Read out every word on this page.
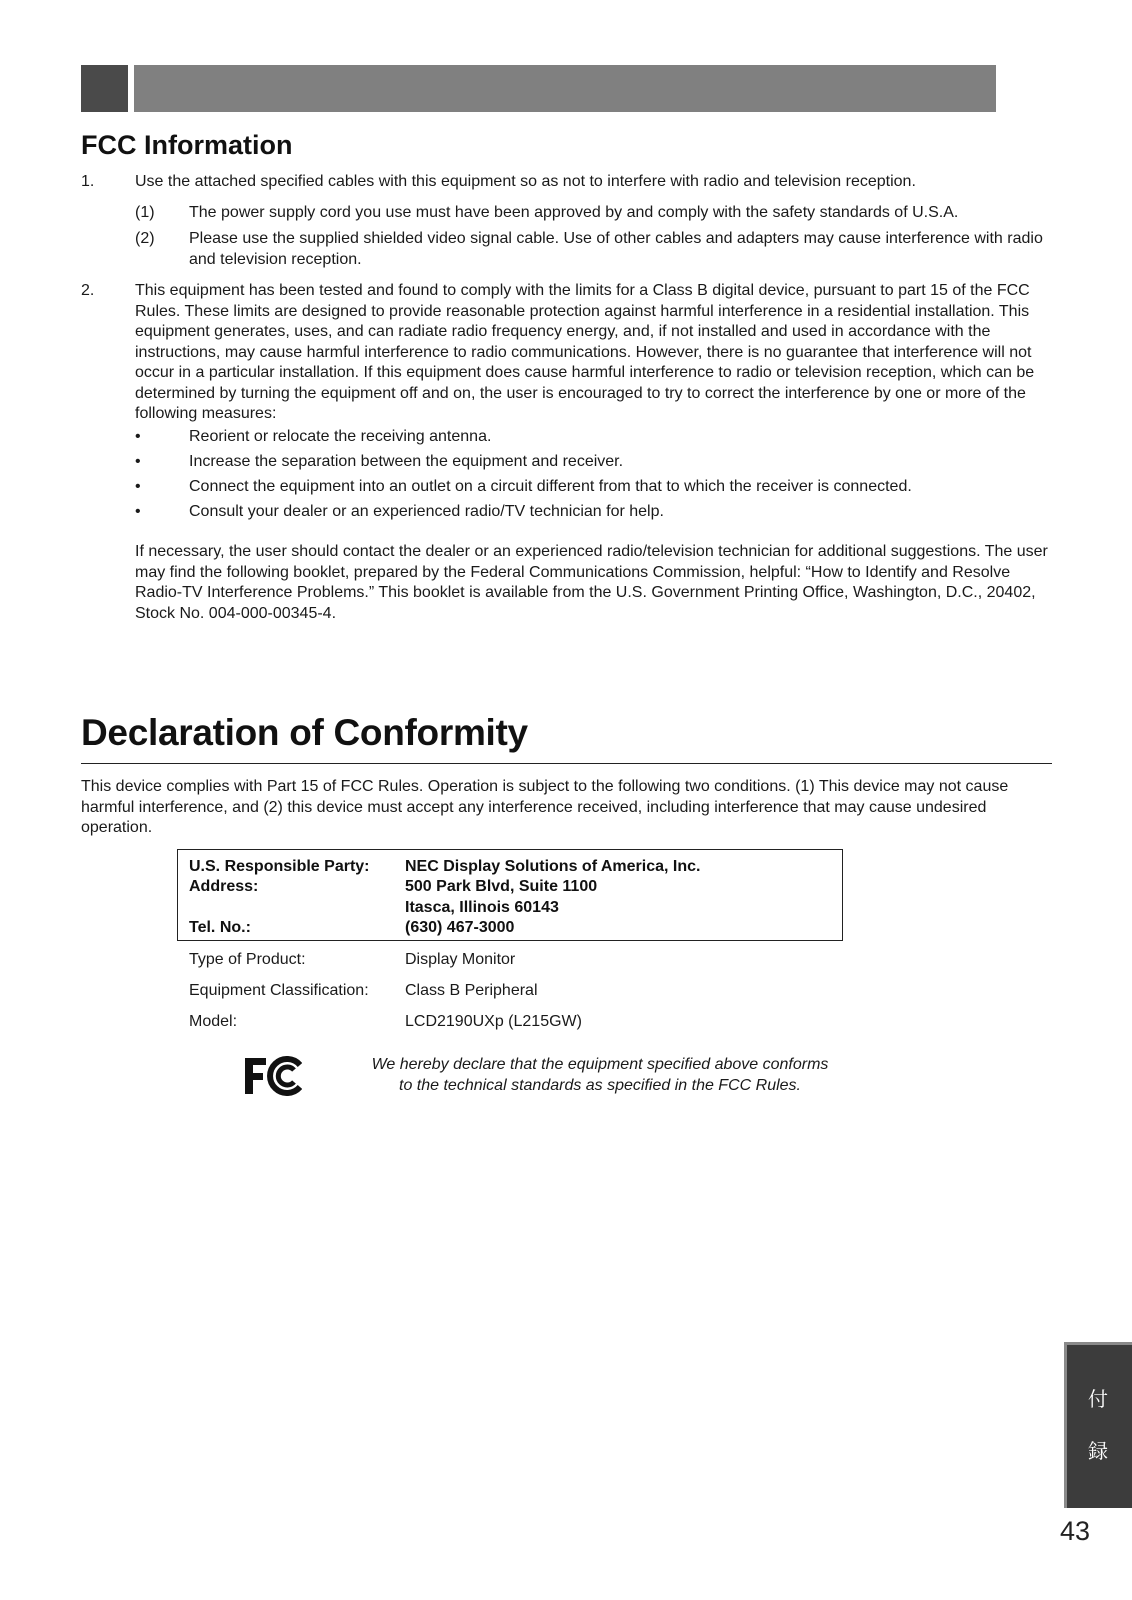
FCC Information
1.	Use the attached specified cables with this equipment so as not to interfere with radio and television reception.
(1) The power supply cord you use must have been approved by and comply with the safety standards of U.S.A.
(2) Please use the supplied shielded video signal cable. Use of other cables and adapters may cause interference with radio and television reception.
2.	This equipment has been tested and found to comply with the limits for a Class B digital device, pursuant to part 15 of the FCC Rules. These limits are designed to provide reasonable protection against harmful interference in a residential installation. This equipment generates, uses, and can radiate radio frequency energy, and, if not installed and used in accordance with the instructions, may cause harmful interference to radio communications. However, there is no guarantee that interference will not occur in a particular installation. If this equipment does cause harmful interference to radio or television reception, which can be determined by turning the equipment off and on, the user is encouraged to try to correct the interference by one or more of the following measures:
•	Reorient or relocate the receiving antenna.
•	Increase the separation between the equipment and receiver.
•	Connect the equipment into an outlet on a circuit different from that to which the receiver is connected.
•	Consult your dealer or an experienced radio/TV technician for help.
If necessary, the user should contact the dealer or an experienced radio/television technician for additional suggestions. The user may find the following booklet, prepared by the Federal Communications Commission, helpful: “How to Identify and Resolve Radio-TV Interference Problems.” This booklet is available from the U.S. Government Printing Office, Washington, D.C., 20402, Stock No. 004-000-00345-4.
Declaration of Conformity
This device complies with Part 15 of FCC Rules. Operation is subject to the following two conditions. (1) This device may not cause harmful interference, and (2) this device must accept any interference received, including interference that may cause undesired operation.
U.S. Responsible Party: NEC Display Solutions of America, Inc.
Address:	500 Park Blvd, Suite 1100
Itasca, Illinois 60143
Tel. No.:	(630) 467-3000
Type of Product:	Display Monitor
Equipment Classification: Class B Peripheral
Model:	LCD2190UXp (L215GW)
We hereby declare that the equipment specified above conforms
to the technical standards as specified in the FCC Rules.
付
録
43
